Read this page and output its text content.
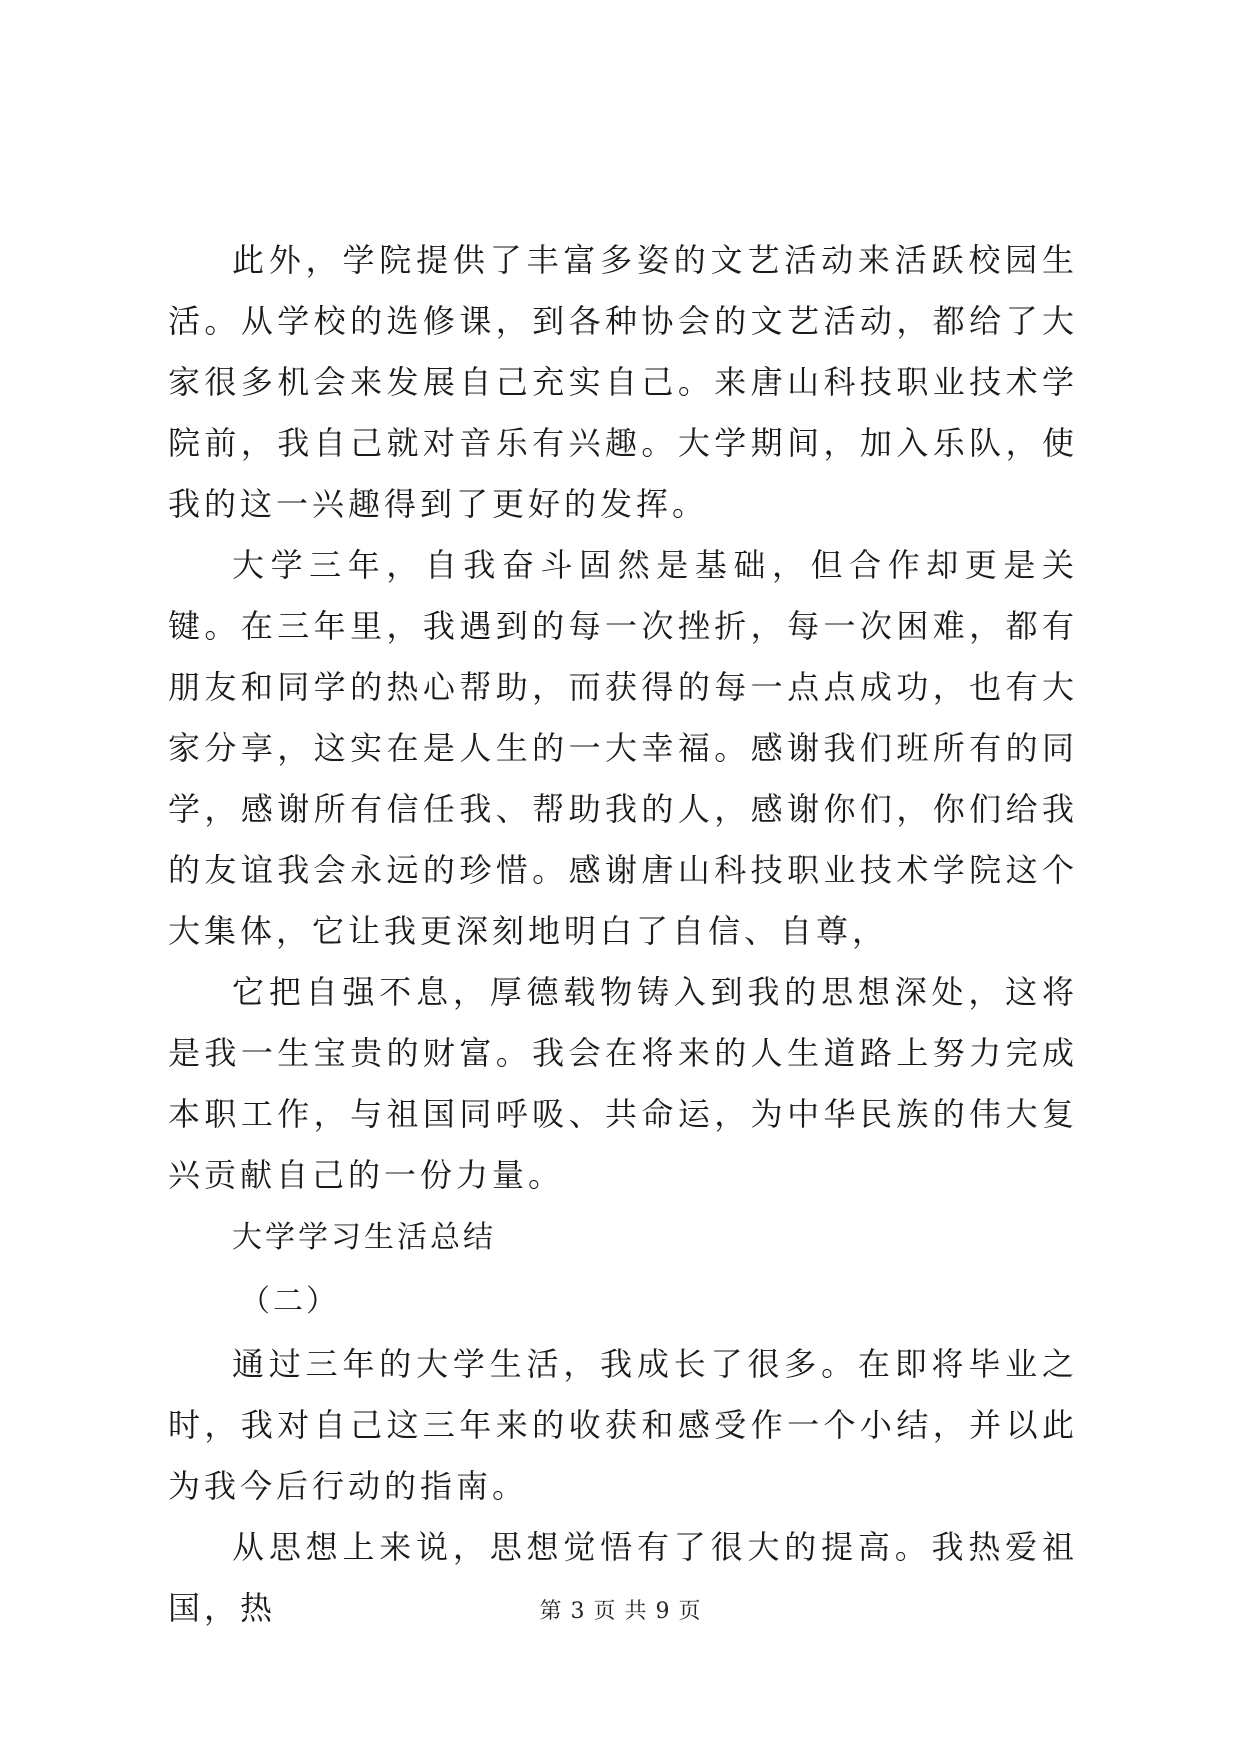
此外，学院提供了丰富多姿的文艺活动来活跃校园生活。从学校的选修课，到各种协会的文艺活动，都给了大家很多机会来发展自己充实自己。来唐山科技职业技术学院前，我自己就对音乐有兴趣。大学期间，加入乐队，使我的这一兴趣得到了更好的发挥。

大学三年，自我奋斗固然是基础，但合作却更是关键。在三年里，我遇到的每一次挫折，每一次困难，都有朋友和同学的热心帮助，而获得的每一点点成功，也有大家分享，这实在是人生的一大幸福。感谢我们班所有的同学，感谢所有信任我、帮助我的人，感谢你们，你们给我的友谊我会永远的珍惜。感谢唐山科技职业技术学院这个大集体，它让我更深刻地明白了自信、自尊，

它把自强不息，厚德载物铸入到我的思想深处，这将是我一生宝贵的财富。我会在将来的人生道路上努力完成本职工作，与祖国同呼吸、共命运，为中华民族的伟大复兴贡献自己的一份力量。

大学学习生活总结

（二）

通过三年的大学生活，我成长了很多。在即将毕业之时，我对自己这三年来的收获和感受作一个小结，并以此为我今后行动的指南。

从思想上来说，思想觉悟有了很大的提高。我热爱祖国，热	第 3 页 共 9 页
